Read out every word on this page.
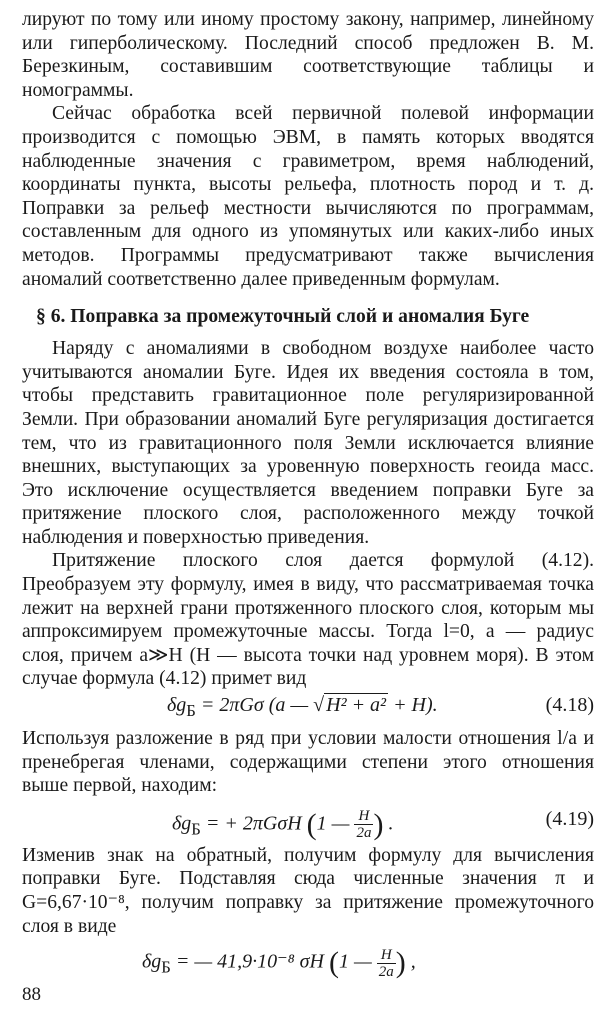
лируют по тому или иному простому закону, например, линейному или гиперболическому. Последний способ предложен В. М. Березкиным, составившим соответствующие таблицы и номограммы.

Сейчас обработка всей первичной полевой информации производится с помощью ЭВМ, в память которых вводятся наблюденные значения с гравиметром, время наблюдений, координаты пункта, высоты рельефа, плотность пород и т. д. Поправки за рельеф местности вычисляются по программам, составленным для одного из упомянутых или каких-либо иных методов. Программы предусматривают также вычисления аномалий соответственно далее приведенным формулам.

§ 6. Поправка за промежуточный слой и аномалия Буге

Наряду с аномалиями в свободном воздухе наиболее часто учитываются аномалии Буге. Идея их введения состояла в том, чтобы представить гравитационное поле регуляризированной Земли. При образовании аномалий Буге регуляризация достигается тем, что из гравитационного поля Земли исключается влияние внешних, выступающих за уровенную поверхность геоида масс. Это исключение осуществляется введением поправки Буге за притяжение плоского слоя, расположенного между точкой наблюдения и поверхностью приведения.

Притяжение плоского слоя дается формулой (4.12). Преобразуем эту формулу, имея в виду, что рассматриваемая точка лежит на верхней грани протяженного плоского слоя, которым мы аппроксимируем промежуточные массы. Тогда l=0, a — радиус слоя, причем a≫H (H — высота точки над уровнем моря). В этом случае формула (4.12) примет вид

$\delta g_Б = 2\pi G\sigma$ (a — √ H² + a² + H).	(4.18)

Используя разложение в ряд при условии малости отношения l/a и пренебрегая членами, содержащими степени этого отношения выше первой, находим:

$\delta g_Б$ = + 2πGσH (1 — $\frac{H}{2a}$ ) .	(4.19)

Изменив знак на обратный, получим формулу для вычисления поправки Буге. Подставляя сюда численные значения π и G=6,67·10⁻⁸, получим поправку за притяжение промежуточного слоя в виде

$\delta g_Б$ = — 41,9·10⁻⁸ σH (1 — $\frac{H}{2a}$ ) ,
88
